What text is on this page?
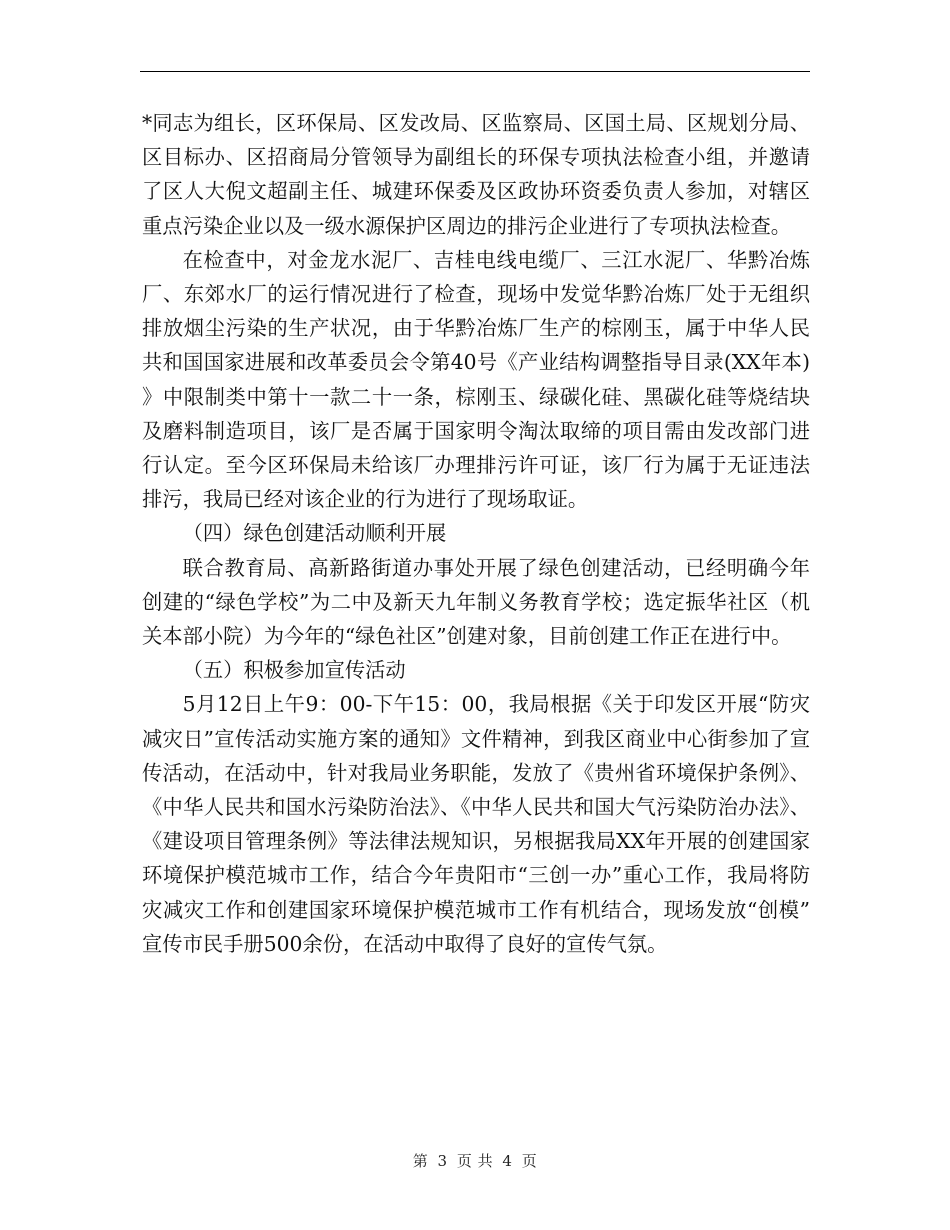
*同志为组长，区环保局、区发改局、区监察局、区国土局、区规划分局、区目标办、区招商局分管领导为副组长的环保专项执法检查小组，并邀请了区人大倪文超副主任、城建环保委及区政协环资委负责人参加，对辖区重点污染企业以及一级水源保护区周边的排污企业进行了专项执法检查。

在检查中，对金龙水泥厂、吉桂电线电缆厂、三江水泥厂、华黔冶炼厂、东郊水厂的运行情况进行了检查，现场中发觉华黔冶炼厂处于无组织排放烟尘污染的生产状况，由于华黔冶炼厂生产的棕刚玉，属于中华人民共和国国家进展和改革委员会令第40号《产业结构调整指导目录(XX年本)》中限制类中第十一款二十一条，棕刚玉、绿碳化硅、黑碳化硅等烧结块及磨料制造项目，该厂是否属于国家明令淘汰取缔的项目需由发改部门进行认定。至今区环保局未给该厂办理排污许可证，该厂行为属于无证违法排污，我局已经对该企业的行为进行了现场取证。

（四）绿色创建活动顺利开展

联合教育局、高新路街道办事处开展了绿色创建活动，已经明确今年创建的“绿色学校”为二中及新天九年制义务教育学校；选定振华社区（机关本部小院）为今年的“绿色社区”创建对象，目前创建工作正在进行中。

（五）积极参加宣传活动

5月12日上午9：00-下午15：00，我局根据《关于印发区开展“防灾减灾日”宣传活动实施方案的通知》文件精神，到我区商业中心街参加了宣传活动，在活动中，针对我局业务职能，发放了《贵州省环境保护条例》、《中华人民共和国水污染防治法》、《中华人民共和国大气污染防治办法》、《建设项目管理条例》等法律法规知识，另根据我局XX年开展的创建国家环境保护模范城市工作，结合今年贵阳市“三创一办”重心工作，我局将防灾减灾工作和创建国家环境保护模范城市工作有机结合，现场发放“创模”宣传市民手册500余份，在活动中取得了良好的宣传气氛。

第 3 页 共 4 页
